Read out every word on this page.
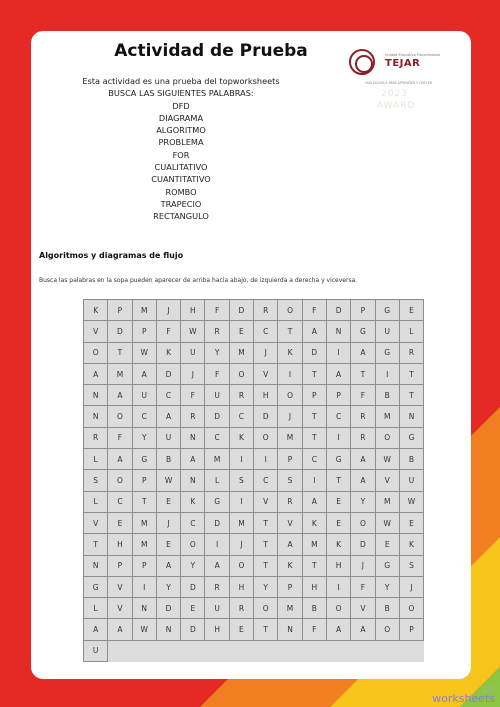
Actividad de Prueba
Esta actividad es una prueba del topworksheets
BUSCA LAS SIGUIENTES PALABRAS:
DFD
DIAGRAMA
ALGORITMO
PROBLEMA
FOR
CUALITATIVO
CUANTITATIVO
ROMBO
TRAPECIO
RECTANGULO
Unidad Educativa Fiscomisional
TEJAR
UNA ESCUELA PARA APRENDER Y CRECER
2023
AWARD
Algoritmos y diagramas de flujo
Busca las palabras en la sopa pueden aparecer de arriba hacia abajo, de izquierda a derecha y viceversa.
K	P	M	J	H	F	D	R	O	F	D	P	G	E
V	D	P	F	W	R	E	C	T	A	N	G	U	L
O	T	W	K	U	Y	M	J	K	D	I	A	G	R
A	M	A	D	J	F	O	V	I	T	A	T	I	T
N	A	U	C	F	U	R	H	O	P	P	F	B	T
N	O	C	A	R	D	C	D	J	T	C	R	M	N
R	F	Y	U	N	C	K	O	M	T	I	R	O	G
L	A	G	B	A	M	I	I	P	C	G	A	W	B
S	O	P	W	N	L	S	C	S	I	T	A	V	U
L	C	T	E	K	G	I	V	R	A	E	Y	M	W
V	E	M	J	C	D	M	T	V	K	E	O	W	E
T	H	M	E	O	I	J	T	A	M	K	D	E	K
N	P	P	A	Y	A	O	T	K	T	H	J	G	S
G	V	I	Y	D	R	H	Y	P	H	I	F	Y	J
L	V	N	D	E	U	R	O	M	B	O	V	B	O
A	A	W	N	D	H	E	T	N	F	A	A	O	P
U
1/1
worksheets
